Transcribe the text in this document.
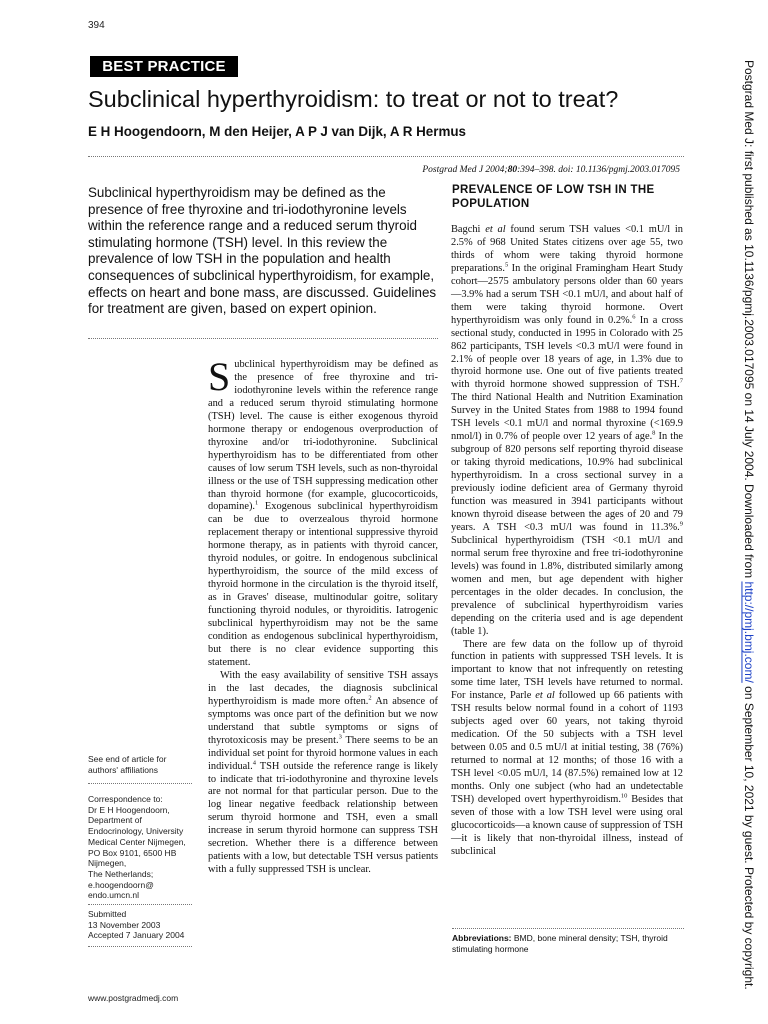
394
BEST PRACTICE
Subclinical hyperthyroidism: to treat or not to treat?
E H Hoogendoorn, M den Heijer, A P J van Dijk, A R Hermus
Postgrad Med J 2004;80:394–398. doi: 10.1136/pgmj.2003.017095
Subclinical hyperthyroidism may be defined as the presence of free thyroxine and tri-iodothyronine levels within the reference range and a reduced serum thyroid stimulating hormone (TSH) level. In this review the prevalence of low TSH in the population and health consequences of subclinical hyperthyroidism, for example, effects on heart and bone mass, are discussed. Guidelines for treatment are given, based on expert opinion.

Subclinical hyperthyroidism may be defined as the presence of free thyroxine and tri-iodothyronine levels within the reference range and a reduced serum thyroid stimulating hormone (TSH) level. The cause is either exogenous thyroid hormone therapy or endogenous overproduction of thyroxine and/or tri-iodothyronine. Subclinical hyperthyroidism has to be differentiated from other causes of low serum TSH levels, such as non-thyroidal illness or the use of TSH suppressing medication other than thyroid hormone (for example, glucocorticoids, dopamine).$^1$ Exogenous subclinical hyperthyroidism can be due to overzealous thyroid hormone replacement therapy or intentional suppressive thyroid hormone therapy, as in patients with thyroid cancer, thyroid nodules, or goitre. In endogenous subclinical hyperthyroidism, the source of the mild excess of thyroid hormone in the circulation is the thyroid itself, as in Graves' disease, multinodular goitre, solitary functioning thyroid nodules, or thyroiditis. Iatrogenic subclinical hyperthyroidism may not be the same condition as endogenous subclinical hyperthyroidism, but there is no clear evidence supporting this statement.

With the easy availability of sensitive TSH assays in the last decades, the diagnosis subclinical hyperthyroidism is made more often.$^2$ An absence of symptoms was once part of the definition but we now understand that subtle symptoms or signs of thyrotoxicosis may be present.$^3$ There seems to be an individual set point for thyroid hormone values in each individual.$^4$ TSH outside the reference range is likely to indicate that tri-iodothyronine and thyroxine levels are not normal for that particular person. Due to the log linear negative feedback relationship between serum thyroid hormone and TSH, even a small increase in serum thyroid hormone can suppress TSH secretion. Whether there is a difference between patients with a low, but detectable TSH versus patients with a fully suppressed TSH is unclear.

PREVALENCE OF LOW TSH IN THE POPULATION

Bagchi et al found serum TSH values <0.1 mU/l in 2.5% of 968 United States citizens over age 55, two thirds of whom were taking thyroid hormone preparations.$^5$ In the original Framingham Heart Study cohort—2575 ambulatory persons older than 60 years—3.9% had a serum TSH <0.1 mU/l, and about half of them were taking thyroid hormone. Overt hyperthyroidism was only found in 0.2%.$^6$ In a cross sectional study, conducted in 1995 in Colorado with 25 862 participants, TSH levels <0.3 mU/l were found in 2.1% of people over 18 years of age, in 1.3% due to thyroid hormone use. One out of five patients treated with thyroid hormone showed suppression of TSH.$^7$ The third National Health and Nutrition Examination Survey in the United States from 1988 to 1994 found TSH levels <0.1 mU/l and normal thyroxine (<169.9 nmol/l) in 0.7% of people over 12 years of age.$^8$ In the subgroup of 820 persons self reporting thyroid disease or taking thyroid medications, 10.9% had subclinical hyperthyroidism. In a cross sectional survey in a previously iodine deficient area of Germany thyroid function was measured in 3941 participants without known thyroid disease between the ages of 20 and 79 years. A TSH <0.3 mU/l was found in 11.3%.$^9$ Subclinical hyperthyroidism (TSH <0.1 mU/l and normal serum free thyroxine and free tri-iodothyronine levels) was found in 1.8%, distributed similarly among women and men, but age dependent with higher percentages in the older decades. In conclusion, the prevalence of subclinical hyperthyroidism varies depending on the criteria used and is age dependent (table 1).

There are few data on the follow up of thyroid function in patients with suppressed TSH levels. It is important to know that not infrequently on retesting some time later, TSH levels have returned to normal. For instance, Parle et al followed up 66 patients with TSH results below normal found in a cohort of 1193 subjects aged over 60 years, not taking thyroid medication. Of the 50 subjects with a TSH level between 0.05 and 0.5 mU/l at initial testing, 38 (76%) returned to normal at 12 months; of those 16 with a TSH level <0.05 mU/l, 14 (87.5%) remained low at 12 months. Only one subject (who had an undetectable TSH) developed overt hyperthyroidism.$^{10}$ Besides that seven of those with a low TSH level were using oral glucocorticoids—a known cause of suppression of TSH—it is likely that non-thyroidal illness, instead of subclinical

Abbreviations: BMD, bone mineral density; TSH, thyroid stimulating hormone
See end of article for authors' affiliations
Correspondence to:
Dr E H Hoogendoorn,
Department of
Endocrinology, University
Medical Center Nijmegen,
PO Box 9101, 6500 HB
Nijmegen,
The Netherlands;
e.hoogendoorn@
endo.umcn.nl
Submitted
13 November 2003
Accepted 7 January 2004
www.postgradmedj.com
Postgrad Med J: first published as 10.1136/pgmj.2003.017095 on 14 July 2004. Downloaded from http://pmj.bmj.com/ on September 10, 2021 by guest. Protected by copyright.
